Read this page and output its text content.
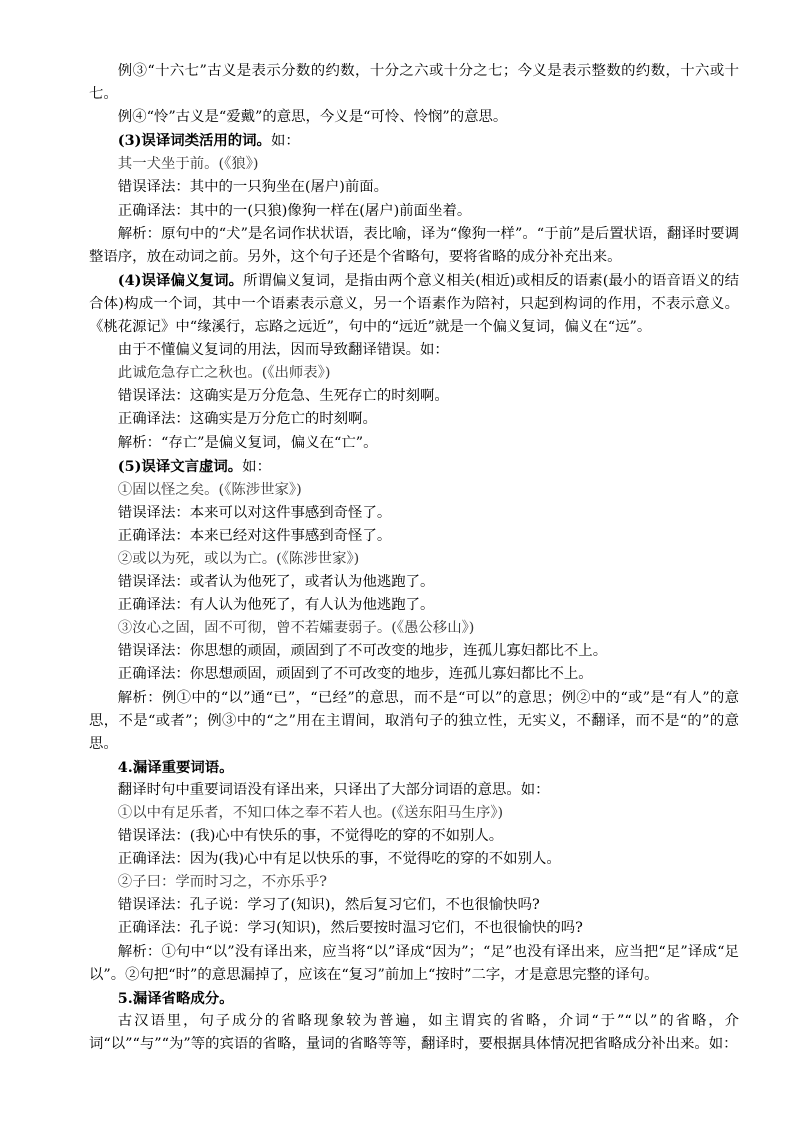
例③“十六七”古义是表示分数的约数，十分之六或十分之七；今义是表示整数的约数，十六或十七。

例④“怜”古义是“爱戴”的意思，今义是“可怜、怜悯”的意思。

(3)误译词类活用的词。如：

其一犬坐于前。(《狼》)

错误译法：其中的一只狗坐在(屠户)前面。

正确译法：其中的一(只狼)像狗一样在(屠户)前面坐着。

解析：原句中的“犬”是名词作状状语，表比喻，译为“像狗一样”。“于前”是后置状语，翻译时要调整语序，放在动词之前。另外，这个句子还是个省略句，要将省略的成分补充出来。

(4)误译偏义复词。所谓偏义复词，是指由两个意义相关(相近)或相反的语素(最小的语音语义的结合体)构成一个词，其中一个语素表示意义，另一个语素作为陪衬，只起到构词的作用，不表示意义。《桃花源记》中“缘溪行，忘路之远近”，句中的“远近”就是一个偏义复词，偏义在“远”。

由于不懂偏义复词的用法，因而导致翻译错误。如：

此诚危急存亡之秋也。(《出师表》)

错误译法：这确实是万分危急、生死存亡的时刻啊。

正确译法：这确实是万分危亡的时刻啊。

解析：“存亡”是偏义复词，偏义在“亡”。

(5)误译文言虚词。如：

①固以怪之矣。(《陈涉世家》)

错误译法：本来可以对这件事感到奇怪了。

正确译法：本来已经对这件事感到奇怪了。

②或以为死，或以为亡。(《陈涉世家》)

错误译法：或者认为他死了，或者认为他逃跑了。

正确译法：有人认为他死了，有人认为他逃跑了。

③汝心之固，固不可彻，曾不若孀妻弱子。(《愚公移山》)

错误译法：你思想的顽固，顽固到了不可改变的地步，连孤儿寡妇都比不上。

正确译法：你思想顽固，顽固到了不可改变的地步，连孤儿寡妇都比不上。

解析：例①中的“以”通“已”，“已经”的意思，而不是“可以”的意思；例②中的“或”是“有人”的意思，不是“或者”；例③中的“之”用在主谓间，取消句子的独立性，无实义，不翻译，而不是“的”的意思。

4.漏译重要词语。

翻译时句中重要词语没有译出来，只译出了大部分词语的意思。如：

①以中有足乐者，不知口体之奉不若人也。(《送东阳马生序》)

错误译法：(我)心中有快乐的事，不觉得吃的穿的不如别人。

正确译法：因为(我)心中有足以快乐的事，不觉得吃的穿的不如别人。

②子曰：学而时习之，不亦乐乎?

错误译法：孔子说：学习了(知识)，然后复习它们，不也很愉快吗?

正确译法：孔子说：学习(知识)，然后要按时温习它们，不也很愉快的吗?

解析：①句中“以”没有译出来，应当将“以”译成“因为”；“足”也没有译出来，应当把“足”译成“足以”。②句把“时”的意思漏掉了，应该在“复习”前加上“按时”二字，才是意思完整的译句。

5.漏译省略成分。

古汉语里，句子成分的省略现象较为普遍，如主谓宾的省略，介词“于”“以”的省略，介词“以”“与”“为”等的宾语的省略，量词的省略等等，翻译时，要根据具体情况把省略成分补出来。如：
